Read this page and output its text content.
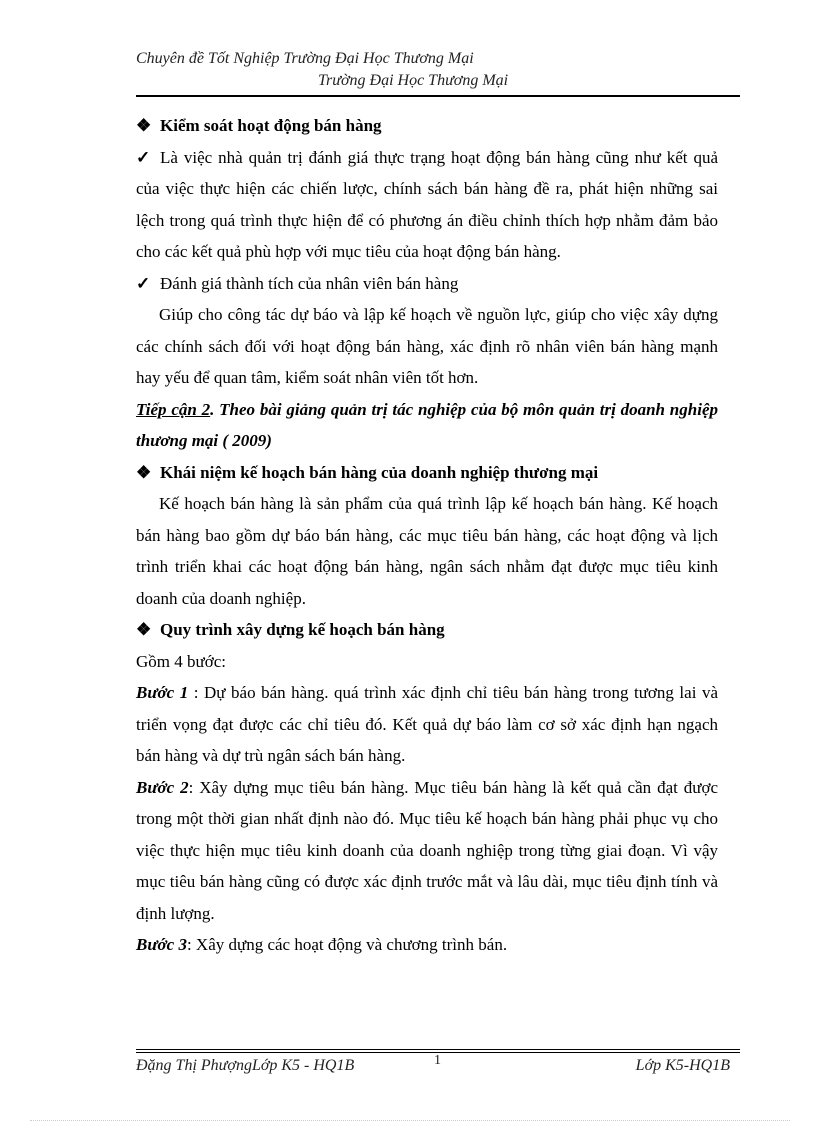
Chuyên đề Tốt Nghiệp Trường Đại Học Thương Mại
Trường Đại Học Thương Mại

❖ Kiểm soát hoạt động bán hàng

✓ Là việc nhà quản trị đánh giá thực trạng hoạt động bán hàng cũng như kết quả của việc thực hiện các chiến lược, chính sách bán hàng đề ra, phát hiện những sai lệch trong quá trình thực hiện để có phương án điều chỉnh thích hợp nhằm đảm bảo cho các kết quả phù hợp với mục tiêu của hoạt động bán hàng.

✓ Đánh giá thành tích của nhân viên bán hàng

Giúp cho công tác dự báo và lập kế hoạch về nguồn lực, giúp cho việc xây dựng các chính sách đối với hoạt động bán hàng, xác định rõ nhân viên bán hàng mạnh hay yếu để quan tâm, kiểm soát nhân viên tốt hơn.

Tiếp cận 2. Theo bài giảng quản trị tác nghiệp của bộ môn quản trị doanh nghiệp thương mại ( 2009)

❖ Khái niệm kế hoạch bán hàng của doanh nghiệp thương mại

Kế hoạch bán hàng là sản phẩm của quá trình lập kế hoạch bán hàng. Kế hoạch bán hàng bao gồm dự báo bán hàng, các mục tiêu bán hàng, các hoạt động và lịch trình triển khai các hoạt động bán hàng, ngân sách nhằm đạt được mục tiêu kinh doanh của doanh nghiệp.

❖ Quy trình xây dựng kế hoạch bán hàng

Gồm 4 bước:

Bước 1 : Dự báo bán hàng. quá trình xác định chỉ tiêu bán hàng trong tương lai và triển vọng đạt được các chỉ tiêu đó. Kết quả dự báo làm cơ sở xác định hạn ngạch bán hàng và dự trù ngân sách bán hàng.

Bước 2: Xây dựng mục tiêu bán hàng. Mục tiêu bán hàng là kết quả cần đạt được trong một thời gian nhất định nào đó. Mục tiêu kế hoạch bán hàng phải phục vụ cho việc thực hiện mục tiêu kinh doanh của doanh nghiệp trong từng giai đoạn. Vì vậy mục tiêu bán hàng cũng có được xác định trước mắt và lâu dài, mục tiêu định tính và định lượng.

Bước 3: Xây dựng các hoạt động và chương trình bán.

Đặng Thị PhượngLớp K5 - HQ1B	1	Lớp K5-HQ1B
